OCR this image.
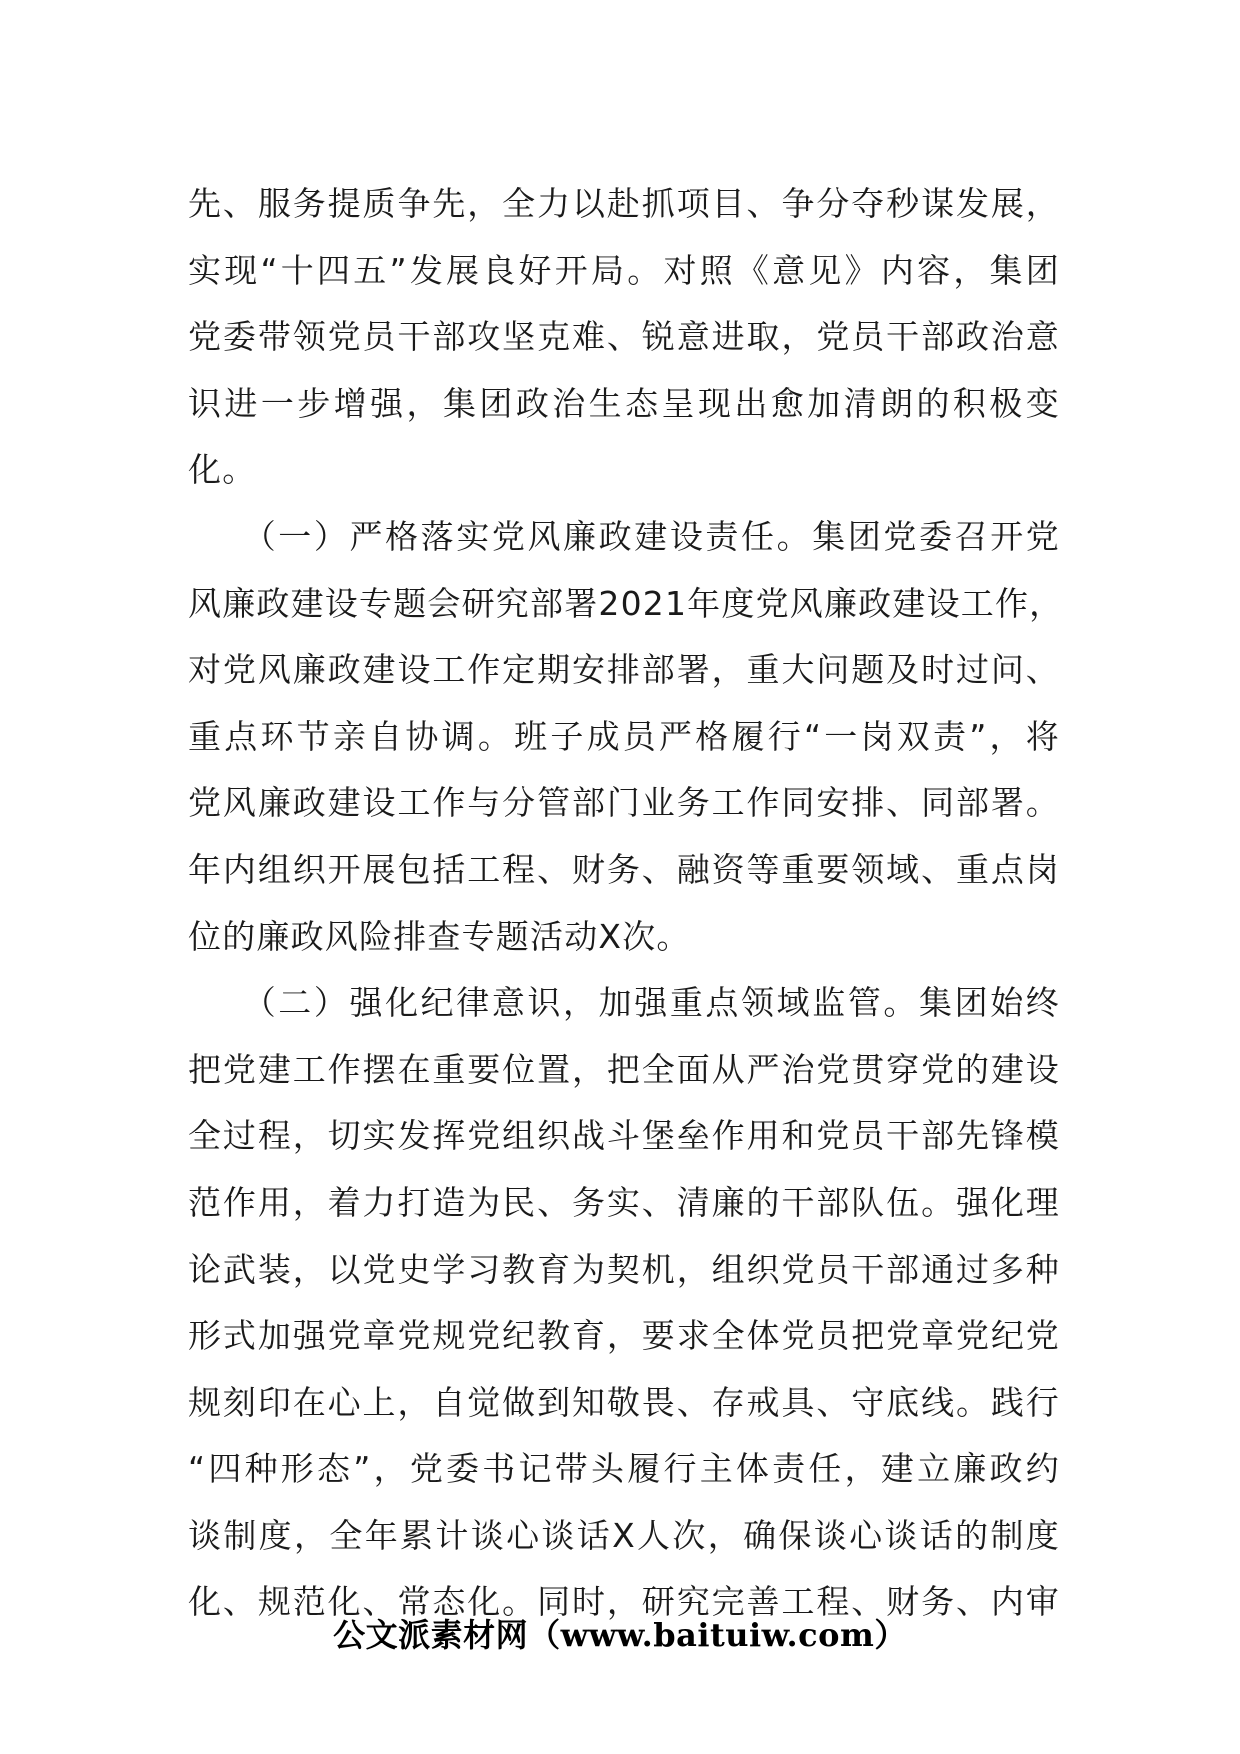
先、服务提质争先，全力以赴抓项目、争分夺秒谋发展，
实现“十四五”发展良好开局。对照《意见》内容，集团
党委带领党员干部攻坚克难、锐意进取，党员干部政治意
识进一步增强，集团政治生态呈现出愈加清朗的积极变
化。
　　（一）严格落实党风廉政建设责任。集团党委召开党
风廉政建设专题会研究部署2021年度党风廉政建设工作，
对党风廉政建设工作定期安排部署，重大问题及时过问、
重点环节亲自协调。班子成员严格履行“一岗双责”，将
党风廉政建设工作与分管部门业务工作同安排、同部署。
年内组织开展包括工程、财务、融资等重要领域、重点岗
位的廉政风险排查专题活动X次。
　　（二）强化纪律意识，加强重点领域监管。集团始终
把党建工作摆在重要位置，把全面从严治党贯穿党的建设
全过程，切实发挥党组织战斗堡垒作用和党员干部先锋模
范作用，着力打造为民、务实、清廉的干部队伍。强化理
论武装，以党史学习教育为契机，组织党员干部通过多种
形式加强党章党规党纪教育，要求全体党员把党章党纪党
规刻印在心上，自觉做到知敬畏、存戒具、守底线。践行
“四种形态”，党委书记带头履行主体责任，建立廉政约
谈制度，全年累计谈心谈话X人次，确保谈心谈话的制度
化、规范化、常态化。同时，研究完善工程、财务、内审
公文派素材网（www.baituiw.com）
